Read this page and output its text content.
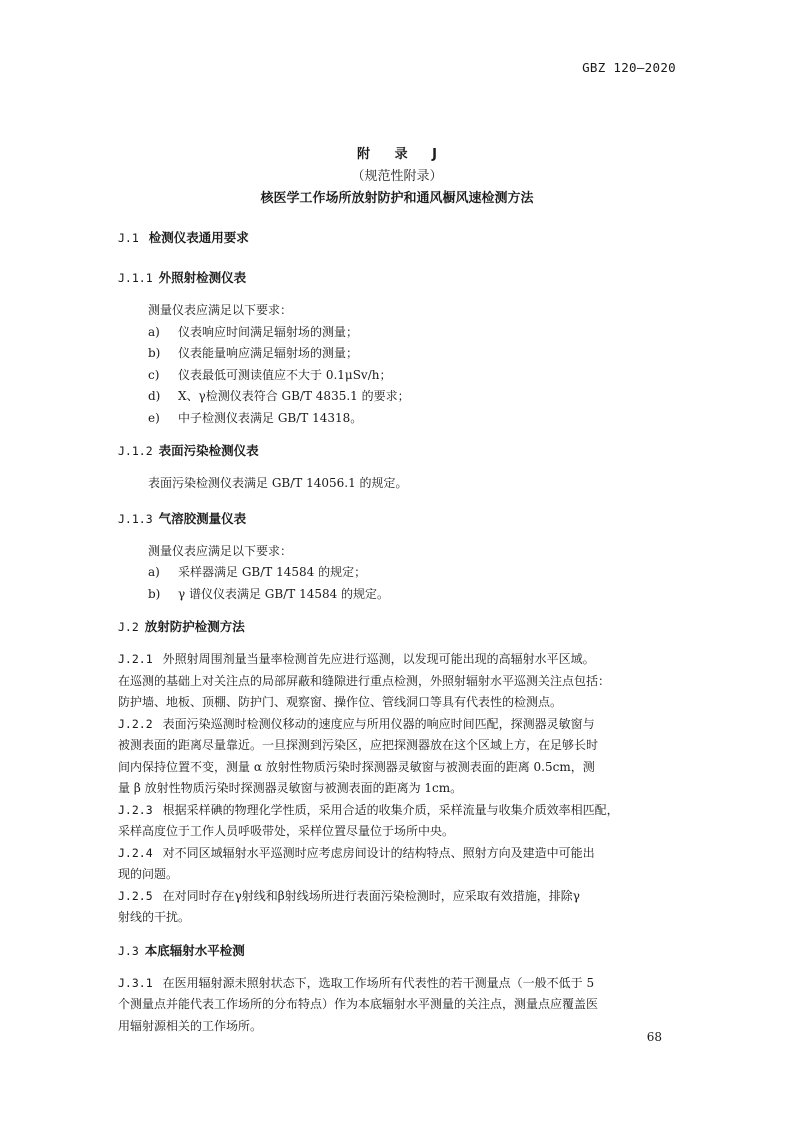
GBZ 120—2020
附 录 J
（规范性附录）
核医学工作场所放射防护和通风橱风速检测方法
J.1 检测仪表通用要求
J.1.1 外照射检测仪表

测量仪表应满足以下要求：

a)	仪表响应时间满足辐射场的测量；
b)	仪表能量响应满足辐射场的测量；
c)	仪表最低可测读值应不大于 0.1μSv/h；
d)	X、γ检测仪表符合 GB/T 4835.1 的要求；
e)	中子检测仪表满足 GB/T 14318。
J.1.2 表面污染检测仪表

表面污染检测仪表满足 GB/T 14056.1 的规定。

J.1.3 气溶胶测量仪表

测量仪表应满足以下要求：

a)	采样器满足 GB/T 14584 的规定；
b)	γ 谱仪仪表满足 GB/T 14584 的规定。
J.2 放射防护检测方法

J.2.1 外照射周围剂量当量率检测首先应进行巡测，以发现可能出现的高辐射水平区域。
在巡测的基础上对关注点的局部屏蔽和缝隙进行重点检测，外照射辐射水平巡测关注点包括：
防护墙、地板、顶棚、防护门、观察窗、操作位、管线洞口等具有代表性的检测点。

J.2.2 表面污染巡测时检测仪移动的速度应与所用仪器的响应时间匹配，探测器灵敏窗与
被测表面的距离尽量靠近。一旦探测到污染区，应把探测器放在这个区域上方，在足够长时
间内保持位置不变，测量 α 放射性物质污染时探测器灵敏窗与被测表面的距离 0.5cm，测
量 β 放射性物质污染时探测器灵敏窗与被测表面的距离为 1cm。

J.2.3 根据采样碘的物理化学性质，采用合适的收集介质，采样流量与收集介质效率相匹配，
采样高度位于工作人员呼吸带处，采样位置尽量位于场所中央。

J.2.4 对不同区域辐射水平巡测时应考虑房间设计的结构特点、照射方向及建造中可能出
现的问题。

J.2.5 在对同时存在γ射线和β射线场所进行表面污染检测时，应采取有效措施，排除γ
射线的干扰。

J.3 本底辐射水平检测

J.3.1 在医用辐射源未照射状态下，选取工作场所有代表性的若干测量点（一般不低于 5
个测量点并能代表工作场所的分布特点）作为本底辐射水平测量的关注点，测量点应覆盖医
用辐射源相关的工作场所。

68
